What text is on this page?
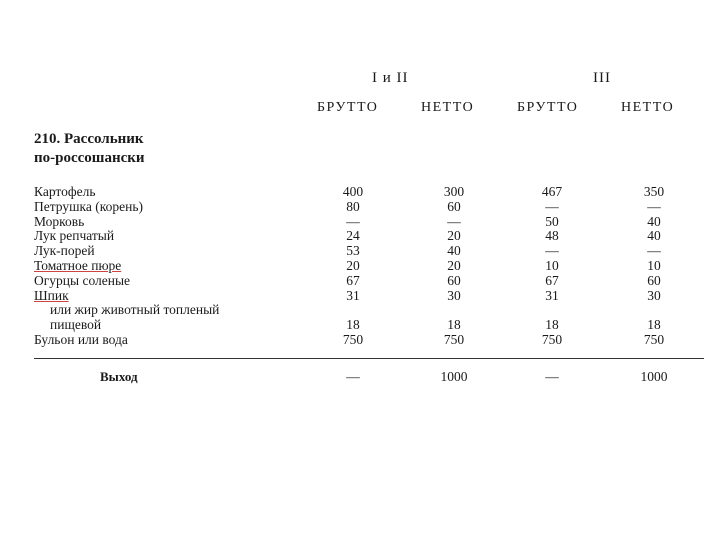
I и II	III
БРУТТО	НЕТТО	БРУТТО	НЕТТО
210. Рассольник
по-россошански
Картофель	400	300	467	350
Петрушка (корень)	80	60	—	—
Морковь	—	—	50	40
Лук репчатый	24	20	48	40
Лук-порей	53	40	—	—
Томатное пюре	20	20	10	10
Огурцы соленые	67	60	67	60
Шпик	31	30	31	30
или жир животный топленый
пищевой	18	18	18	18
Бульон или вода	750	750	750	750
Выход	—	1000	—	1000
